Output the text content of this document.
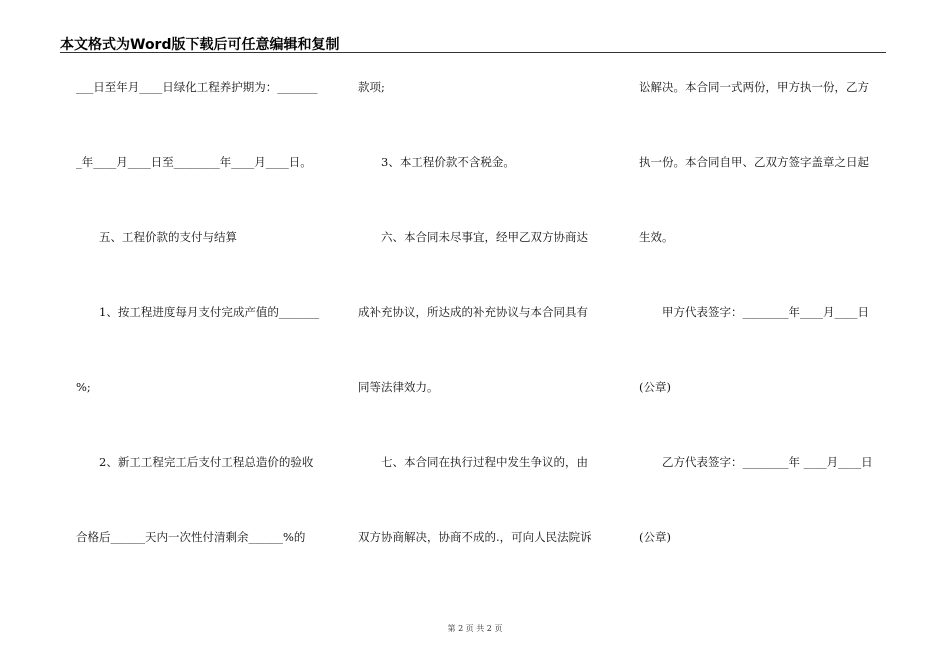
本文格式为Word版下载后可任意编辑和复制
___日至年月____日绿化工程养护期为：_______
_年____月____日至________年____月____日。
　　五、工程价款的支付与结算
　　1、按工程进度每月支付完成产值的_______
%;
　　2、新工工程完工后支付工程总造价的验收
合格后______天内一次性付清剩余______%的
款项;
　　3、本工程价款不含税金。
　　六、本合同未尽事宜，经甲乙双方协商达
成补充协议，所达成的补充协议与本合同具有
同等法律效力。
　　七、本合同在执行过程中发生争议的，由
双方协商解决，协商不成的.，可向人民法院诉
讼解决。本合同一式两份，甲方执一份，乙方
执一份。本合同自甲、乙双方签字盖章之日起
生效。
　　甲方代表签字：________年____月____日
(公章)
　　乙方代表签字：________年 ____月____日
(公章)
第 2 页 共 2 页
